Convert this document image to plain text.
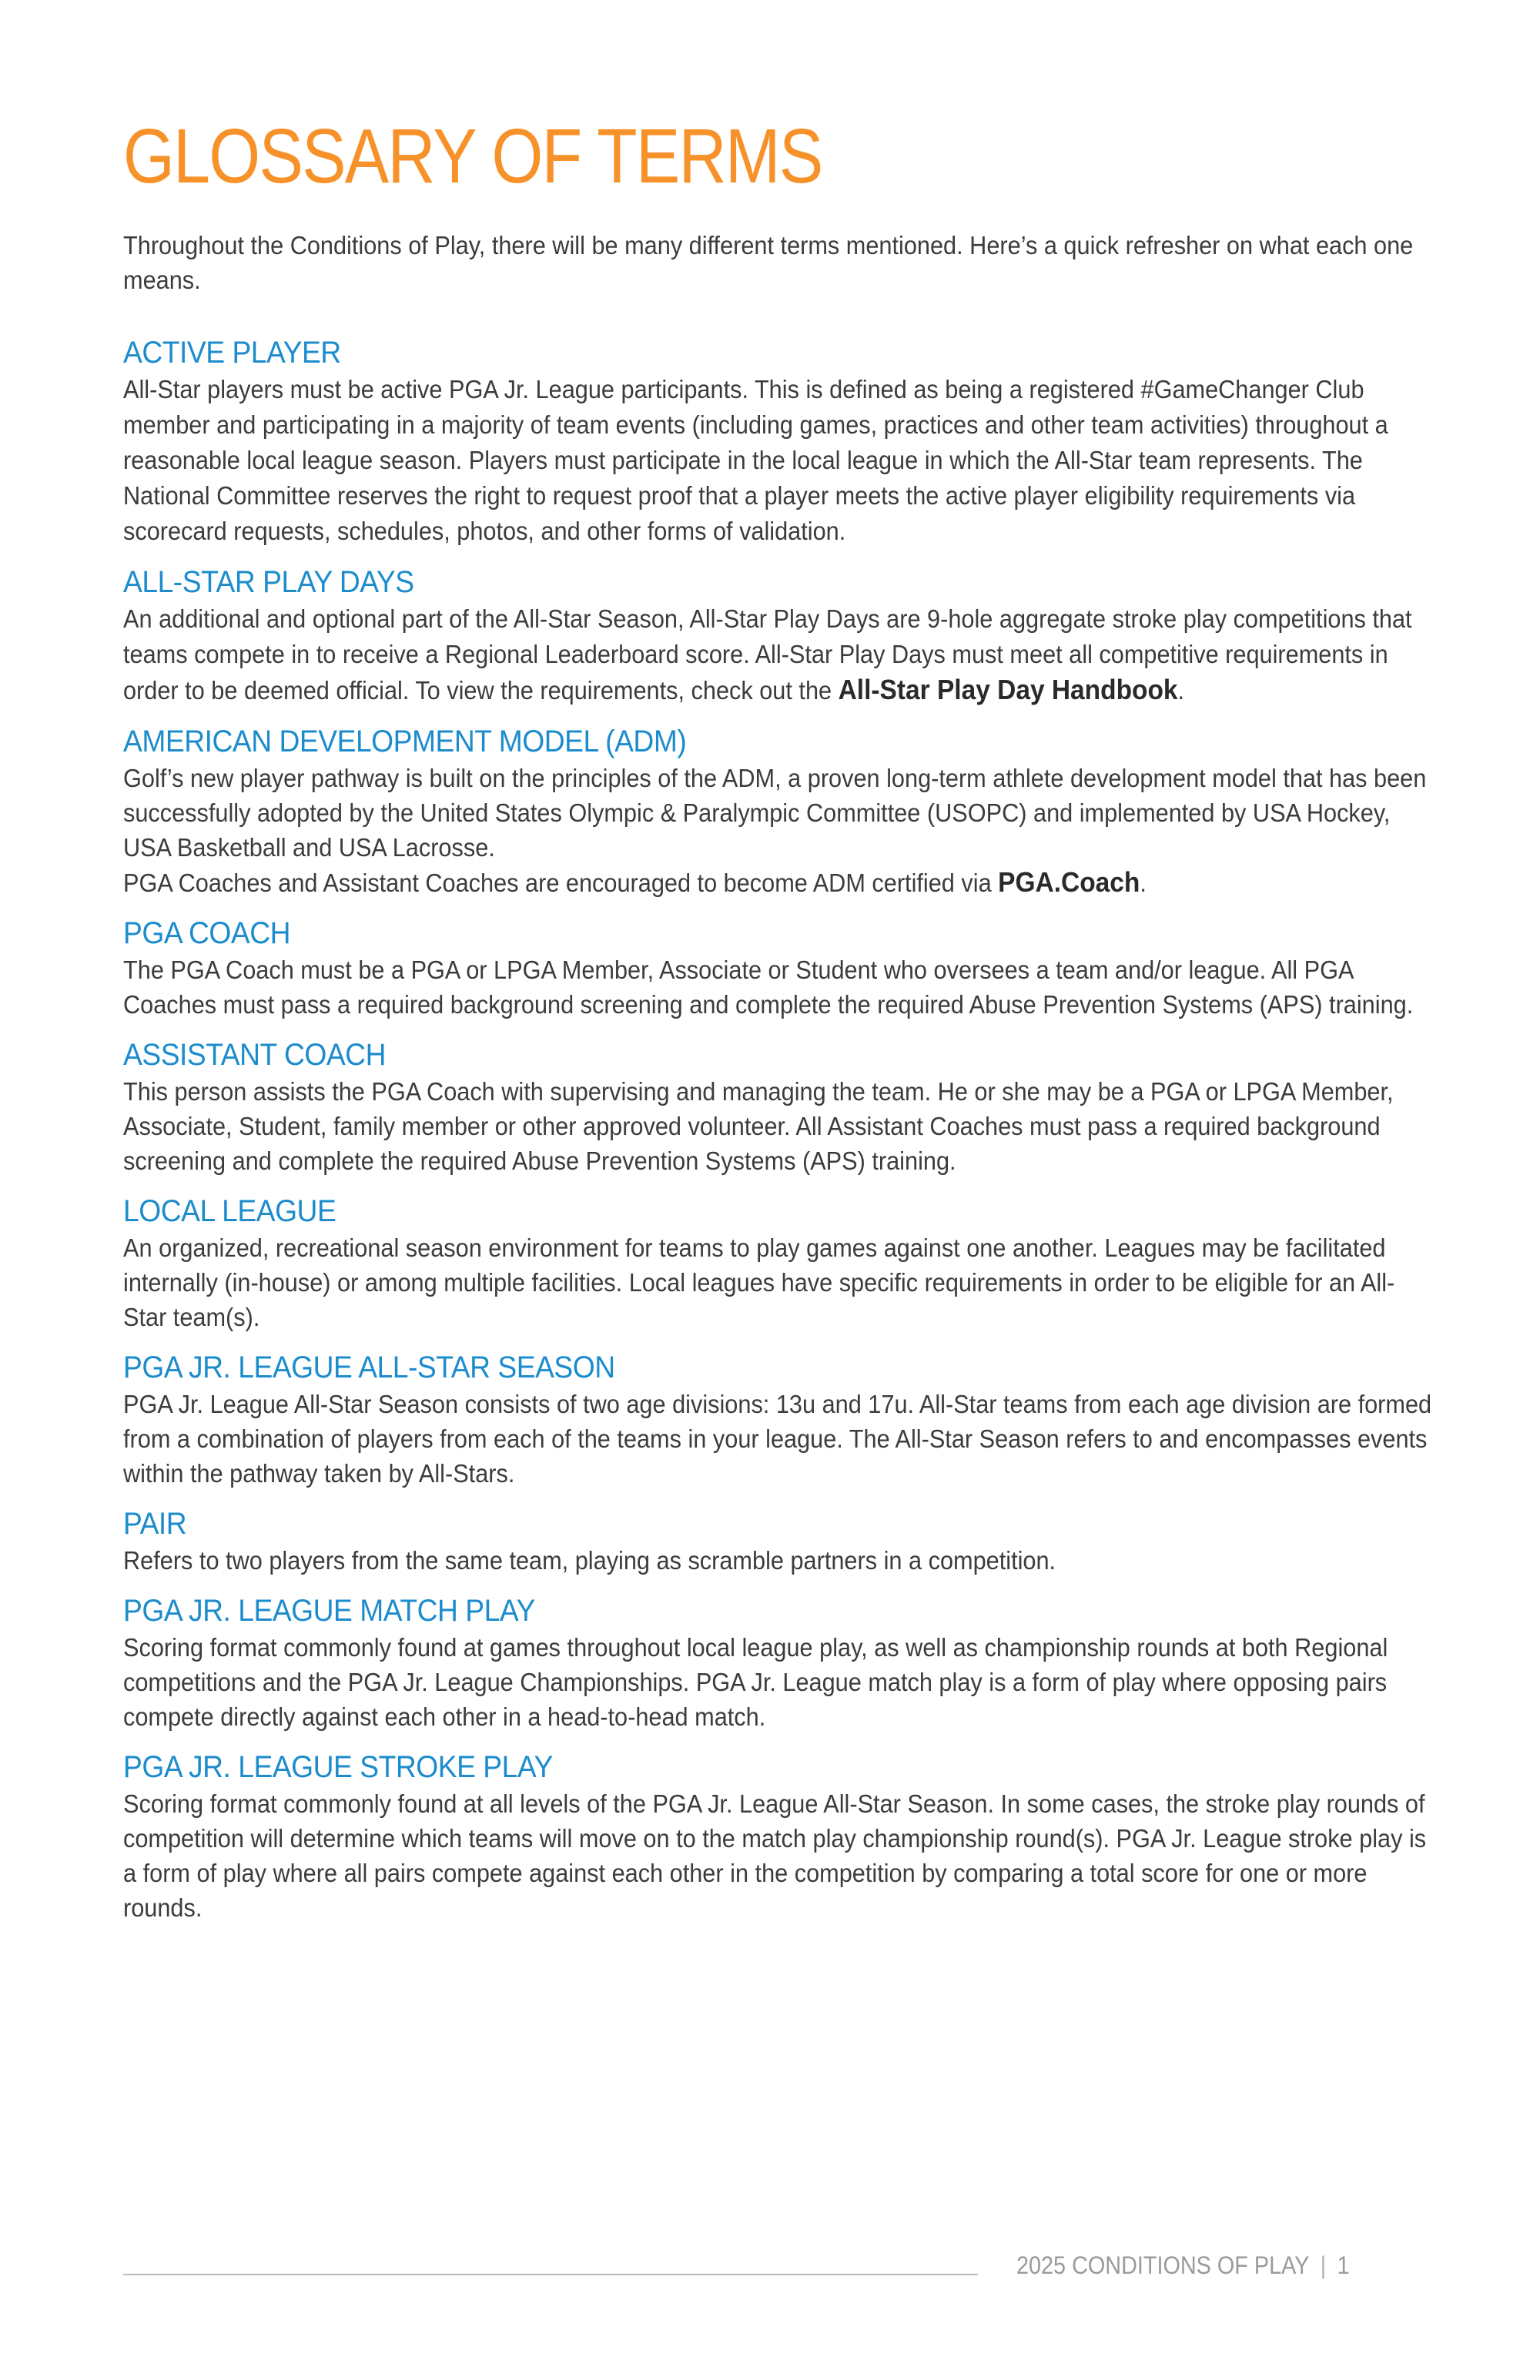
GLOSSARY OF TERMS

Throughout the Conditions of Play, there will be many different terms mentioned. Here’s a quick refresher on what each one means.

ACTIVE PLAYER

All-Star players must be active PGA Jr. League participants. This is defined as being a registered #GameChanger Club member and participating in a majority of team events (including games, practices and other team activities) throughout a reasonable local league season. Players must participate in the local league in which the All-Star team represents. The National Committee reserves the right to request proof that a player meets the active player eligibility requirements via scorecard requests, schedules, photos, and other forms of validation.

ALL-STAR PLAY DAYS

An additional and optional part of the All-Star Season, All-Star Play Days are 9-hole aggregate stroke play competitions that teams compete in to receive a Regional Leaderboard score. All-Star Play Days must meet all competitive requirements in order to be deemed official. To view the requirements, check out the All-Star Play Day Handbook.

AMERICAN DEVELOPMENT MODEL (ADM)

Golf’s new player pathway is built on the principles of the ADM, a proven long-term athlete development model that has been successfully adopted by the United States Olympic & Paralympic Committee (USOPC) and implemented by USA Hockey, USA Basketball and USA Lacrosse.

PGA Coaches and Assistant Coaches are encouraged to become ADM certified via PGA.Coach.

PGA COACH

The PGA Coach must be a PGA or LPGA Member, Associate or Student who oversees a team and/or league. All PGA Coaches must pass a required background screening and complete the required Abuse Prevention Systems (APS) training.

ASSISTANT COACH

This person assists the PGA Coach with supervising and managing the team. He or she may be a PGA or LPGA Member, Associate, Student, family member or other approved volunteer. All Assistant Coaches must pass a required background screening and complete the required Abuse Prevention Systems (APS) training.

LOCAL LEAGUE

An organized, recreational season environment for teams to play games against one another. Leagues may be facilitated internally (in-house) or among multiple facilities. Local leagues have specific requirements in order to be eligible for an All-Star team(s).

PGA JR. LEAGUE ALL-STAR SEASON

PGA Jr. League All-Star Season consists of two age divisions: 13u and 17u. All-Star teams from each age division are formed from a combination of players from each of the teams in your league. The All-Star Season refers to and encompasses events within the pathway taken by All-Stars.

PAIR

Refers to two players from the same team, playing as scramble partners in a competition.

PGA JR. LEAGUE MATCH PLAY

Scoring format commonly found at games throughout local league play, as well as championship rounds at both Regional competitions and the PGA Jr. League Championships. PGA Jr. League match play is a form of play where opposing pairs compete directly against each other in a head-to-head match.

PGA JR. LEAGUE STROKE PLAY

Scoring format commonly found at all levels of the PGA Jr. League All-Star Season. In some cases, the stroke play rounds of competition will determine which teams will move on to the match play championship round(s). PGA Jr. League stroke play is a form of play where all pairs compete against each other in the competition by comparing a total score for one or more rounds.

2025 CONDITIONS OF PLAY | 1
